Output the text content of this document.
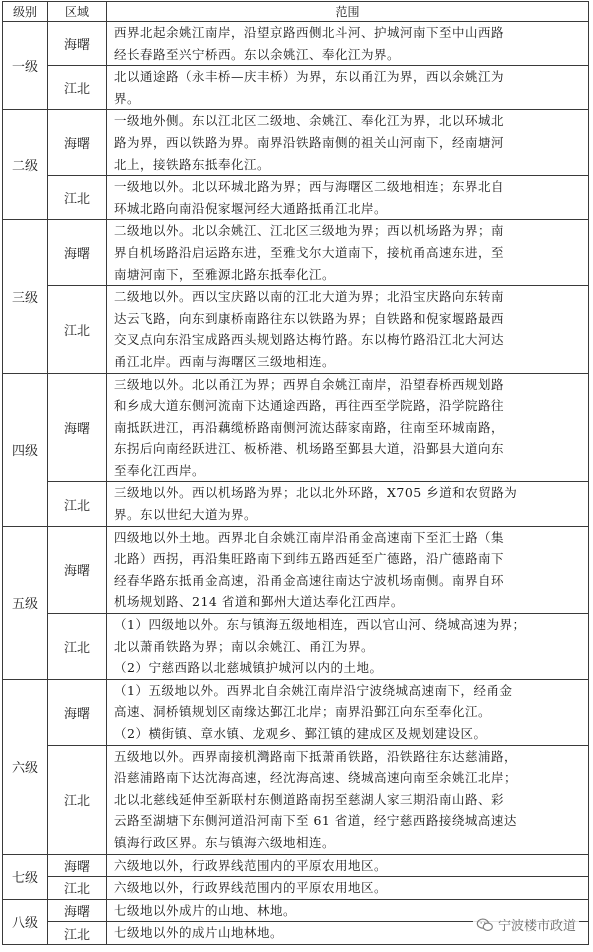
级别	区域	范围
一级	海曙	西界北起余姚江南岸，沿望京路西侧北斗河、护城河南下至中山西路
经长春路至兴宁桥西。东以余姚江、奉化江为界。

	江北	北以通途路（永丰桥—庆丰桥）为界，东以甬江为界，西以余姚江为
界。

二级	海曙	一级地外侧。东以江北区二级地、余姚江、奉化江为界，北以环城北
路为界，西以铁路为界。南界沿铁路南侧的祖关山河南下，经南塘河
北上，接铁路东抵奉化江。

	江北	一级地以外。北以环城北路为界；西与海曙区二级地相连；东界北自
环城北路向南沿倪家堰河经大通路抵甬江北岸。

三级	海曙	二级地以外。北以余姚江、江北区三级地为界；西以机场路为界；南
界自机场路沿启运路东进，至雅戈尔大道南下，接杭甬高速东进，至
南塘河南下，至雅源北路东抵奉化江。

	江北	二级地以外。西以宝庆路以南的江北大道为界；北沿宝庆路向东转南
达云飞路，向东到康桥南路往东以铁路为界；自铁路和倪家堰路最西
交叉点向东沿宝成路西头规划路达梅竹路。东以梅竹路沿江北大河达
甬江北岸。西南与海曙区三级地相连。

四级	海曙	三级地以外。北以甬江为界；西界自余姚江南岸，沿望春桥西规划路
和乡成大道东侧河流南下达通途西路，再往西至学院路，沿学院路往
南抵跃进江，再沿藕缆桥路南侧河流达薛家南路，往南至环城南路，
东拐后向南经跃进江、板桥港、机场路至鄞县大道，沿鄞县大道向东
至奉化江西岸。

	江北	三级地以外。西以机场路为界；北以北外环路，X705 乡道和农贸路为
界。东以世纪大道为界。

五级	海曙	四级地以外土地。西界北自余姚江南岸沿甬金高速南下至汇士路（集
北路）西拐，再沿集旺路南下到纬五路西延至广德路，沿广德路南下
经春华路东抵甬金高速，沿甬金高速往南达宁波机场南侧。南界自环
机场规划路、214 省道和鄞州大道达奉化江西岸。

	江北	（1）四级地以外。东与镇海五级地相连，西以官山河、绕城高速为界；
北以萧甬铁路为界；南以余姚江、甬江为界。
（2）宁慈西路以北慈城镇护城河以内的土地。

六级	海曙	（1）五级地以外。西界北自余姚江南岸沿宁波绕城高速南下，经甬金
高速、洞桥镇规划区南缘达鄞江北岸；南界沿鄞江向东至奉化江。
（2）横街镇、章水镇、龙观乡、鄞江镇的建成区及规划建设区。

	江北	五级地以外。西界南接机灣路南下抵萧甬铁路，沿铁路往东达慈浦路，
沿慈浦路南下达沈海高速，经沈海高速、绕城高速向南至余姚江北岸；
北以北慈线延伸至新联村东侧道路南拐至慈湖人家三期沿南山路、彩
云路至湖塘下东侧河道沿河南下至 61 省道，经宁慈西路接绕城高速达
镇海行政区界。东与镇海六级地相连。

七级	海曙	六级地以外，行政界线范围内的平原农用地区。

	江北	六级地以外，行政界线范围内的平原农用地区。

八级	海曙	七级地以外成片的山地、林地。

	江北	七级地以外的成片山地林地。	宁波楼市政道
